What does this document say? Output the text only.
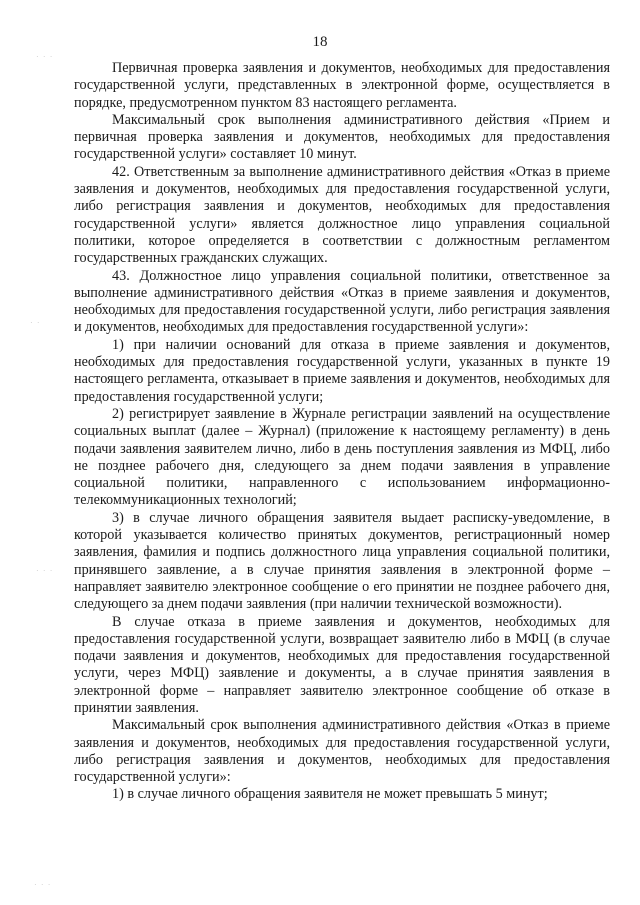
18
· · ·
· ·
· · ·
· · ·

Первичная проверка заявления и документов, необходимых для предоставления государственной услуги, представленных в электронной форме, осуществляется в порядке, предусмотренном пунктом 83 настоящего регламента.

Максимальный срок выполнения административного действия «Прием и первичная проверка заявления и документов, необходимых для предоставления государственной услуги» составляет 10 минут.

42. Ответственным за выполнение административного действия «Отказ в приеме заявления и документов, необходимых для предоставления государственной услуги, либо регистрация заявления и документов, необходимых для предоставления государственной услуги» является должностное лицо управления социальной политики, которое определяется в соответствии с должностным регламентом государственных гражданских служащих.

43. Должностное лицо управления социальной политики, ответственное за выполнение административного действия «Отказ в приеме заявления и документов, необходимых для предоставления государственной услуги, либо регистрация заявления и документов, необходимых для предоставления государственной услуги»:

1) при наличии оснований для отказа в приеме заявления и документов, необходимых для предоставления государственной услуги, указанных в пункте 19 настоящего регламента, отказывает в приеме заявления и документов, необходимых для предоставления государственной услуги;

2) регистрирует заявление в Журнале регистрации заявлений на осуществление социальных выплат (далее – Журнал) (приложение к настоящему регламенту) в день подачи заявления заявителем лично, либо в день поступления заявления из МФЦ, либо не позднее рабочего дня, следующего за днем подачи заявления в управление социальной политики, направленного с использованием информационно-телекоммуникационных технологий;

3) в случае личного обращения заявителя выдает расписку-уведомление, в которой указывается количество принятых документов, регистрационный номер заявления, фамилия и подпись должностного лица управления социальной политики, принявшего заявление, а в случае принятия заявления в электронной форме – направляет заявителю электронное сообщение о его принятии не позднее рабочего дня, следующего за днем подачи заявления (при наличии технической возможности).

В случае отказа в приеме заявления и документов, необходимых для предоставления государственной услуги, возвращает заявителю либо в МФЦ (в случае подачи заявления и документов, необходимых для предоставления государственной услуги, через МФЦ) заявление и документы, а в случае принятия заявления в электронной форме – направляет заявителю электронное сообщение об отказе в принятии заявления.

Максимальный срок выполнения административного действия «Отказ в приеме заявления и документов, необходимых для предоставления государственной услуги, либо регистрация заявления и документов, необходимых для предоставления государственной услуги»:

1) в случае личного обращения заявителя не может превышать 5 минут;
